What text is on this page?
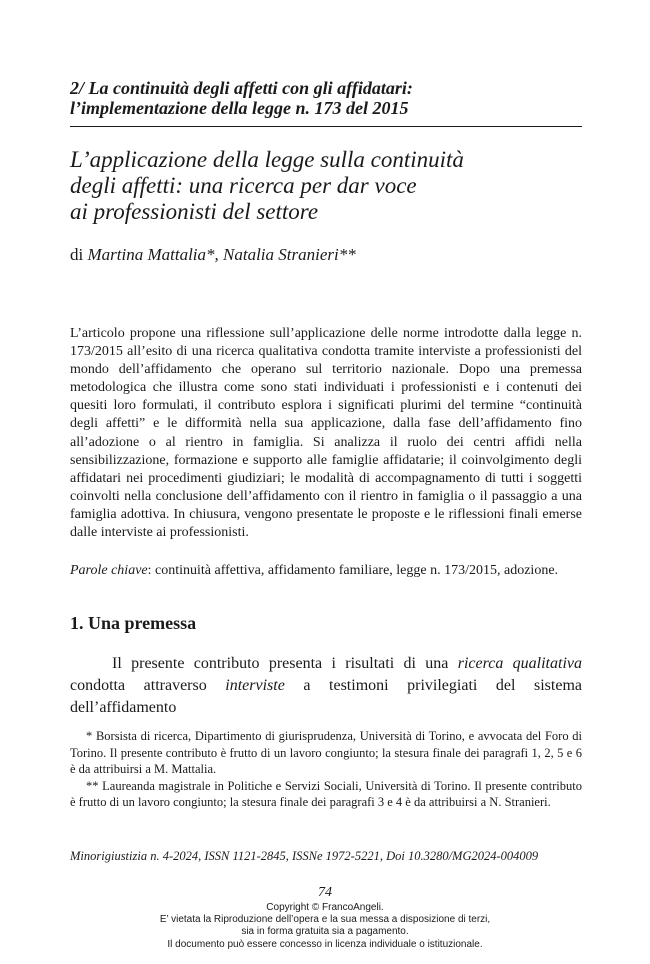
2/ La continuità degli affetti con gli affidatari:
l’implementazione della legge n. 173 del 2015
L’applicazione della legge sulla continuità
degli affetti: una ricerca per dar voce
ai professionisti del settore
di Martina Mattalia*, Natalia Stranieri**

L’articolo propone una riflessione sull’applicazione delle norme introdotte dalla legge n. 173/2015 all’esito di una ricerca qualitativa condotta tramite interviste a professionisti del mondo dell’affidamento che operano sul territorio nazionale. Dopo una premessa metodologica che illustra come sono stati individuati i professionisti e i contenuti dei quesiti loro formulati, il contributo esplora i significati plurimi del termine “continuità degli affetti” e le difformità nella sua applicazione, dalla fase dell’affidamento fino all’adozione o al rientro in famiglia. Si analizza il ruolo dei centri affidi nella sensibilizzazione, formazione e supporto alle famiglie affidatarie; il coinvolgimento degli affidatari nei procedimenti giudiziari; le modalità di accompagnamento di tutti i soggetti coinvolti nella conclusione dell’affidamento con il rientro in famiglia o il passaggio a una famiglia adottiva. In chiusura, vengono presentate le proposte e le riflessioni finali emerse dalle interviste ai professionisti.

Parole chiave: continuità affettiva, affidamento familiare, legge n. 173/2015, adozione.
1. Una premessa

Il presente contributo presenta i risultati di una ricerca qualitativa condotta attraverso interviste a testimoni privilegiati del sistema dell’affidamento

* Borsista di ricerca, Dipartimento di giurisprudenza, Università di Torino, e avvocata del Foro di Torino. Il presente contributo è frutto di un lavoro congiunto; la stesura finale dei paragrafi 1, 2, 5 e 6 è da attribuirsi a M. Mattalia.

** Laureanda magistrale in Politiche e Servizi Sociali, Università di Torino. Il presente contributo è frutto di un lavoro congiunto; la stesura finale dei paragrafi 3 e 4 è da attribuirsi a N. Stranieri.

Minorigiustizia n. 4-2024, ISSN 1121-2845, ISSNe 1972-5221, Doi 10.3280/MG2024-004009
74
Copyright © FrancoAngeli.
E’ vietata la Riproduzione dell’opera e la sua messa a disposizione di terzi,
sia in forma gratuita sia a pagamento.
Il documento può essere concesso in licenza individuale o istituzionale.
